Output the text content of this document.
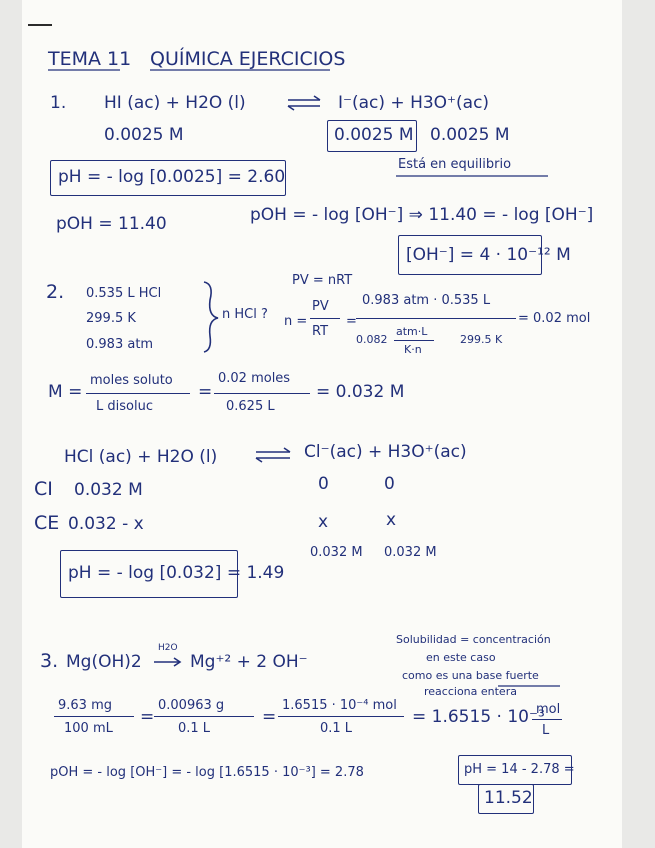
TEMA 11 QUÍMICA EJERCICIOS
1. HI (ac) + H2O (l)	I⁻(ac) + H3O⁺(ac)
0.0025 M	0.0025 M 0.0025 M
pH = - log [0.0025] = 2.60
Está en equilibrio
pOH = 11.40	pOH = - log [OH⁻] ⇒ 11.40 = - log [OH⁻]
[OH⁻] = 4 · 10⁻¹² M
2. 0.535 L HCl
299.5 K
0.983 atm
n HCl ?
PV = nRT
n =
PV
RT
=
0.983 atm · 0.535 L
0.082
atm·L
K·n
299.5 K
= 0.02 mol
M =
moles soluto
L disoluc
=
0.02 moles
0.625 L
= 0.032 M
HCl (ac) + H2O (l)	Cl⁻(ac) + H3O⁺(ac)
CI 0.032 M	0	0
CE 0.032 - x	x	x
0.032 M 0.032 M
pH = - log [0.032] = 1.49
3. Mg(OH)2
H2O
Mg⁺² + 2 OH⁻
Solubilidad = concentración
en este caso
como es una base fuerte
reacciona entera
9.63 mg
100 mL
=
0.00963 g
0.1 L
=
1.6515 · 10⁻⁴ mol
0.1 L
= 1.6515 · 10⁻³
mol
L
pOH = - log [OH⁻] = - log [1.6515 · 10⁻³] = 2.78	pH = 14 - 2.78 =
11.52
